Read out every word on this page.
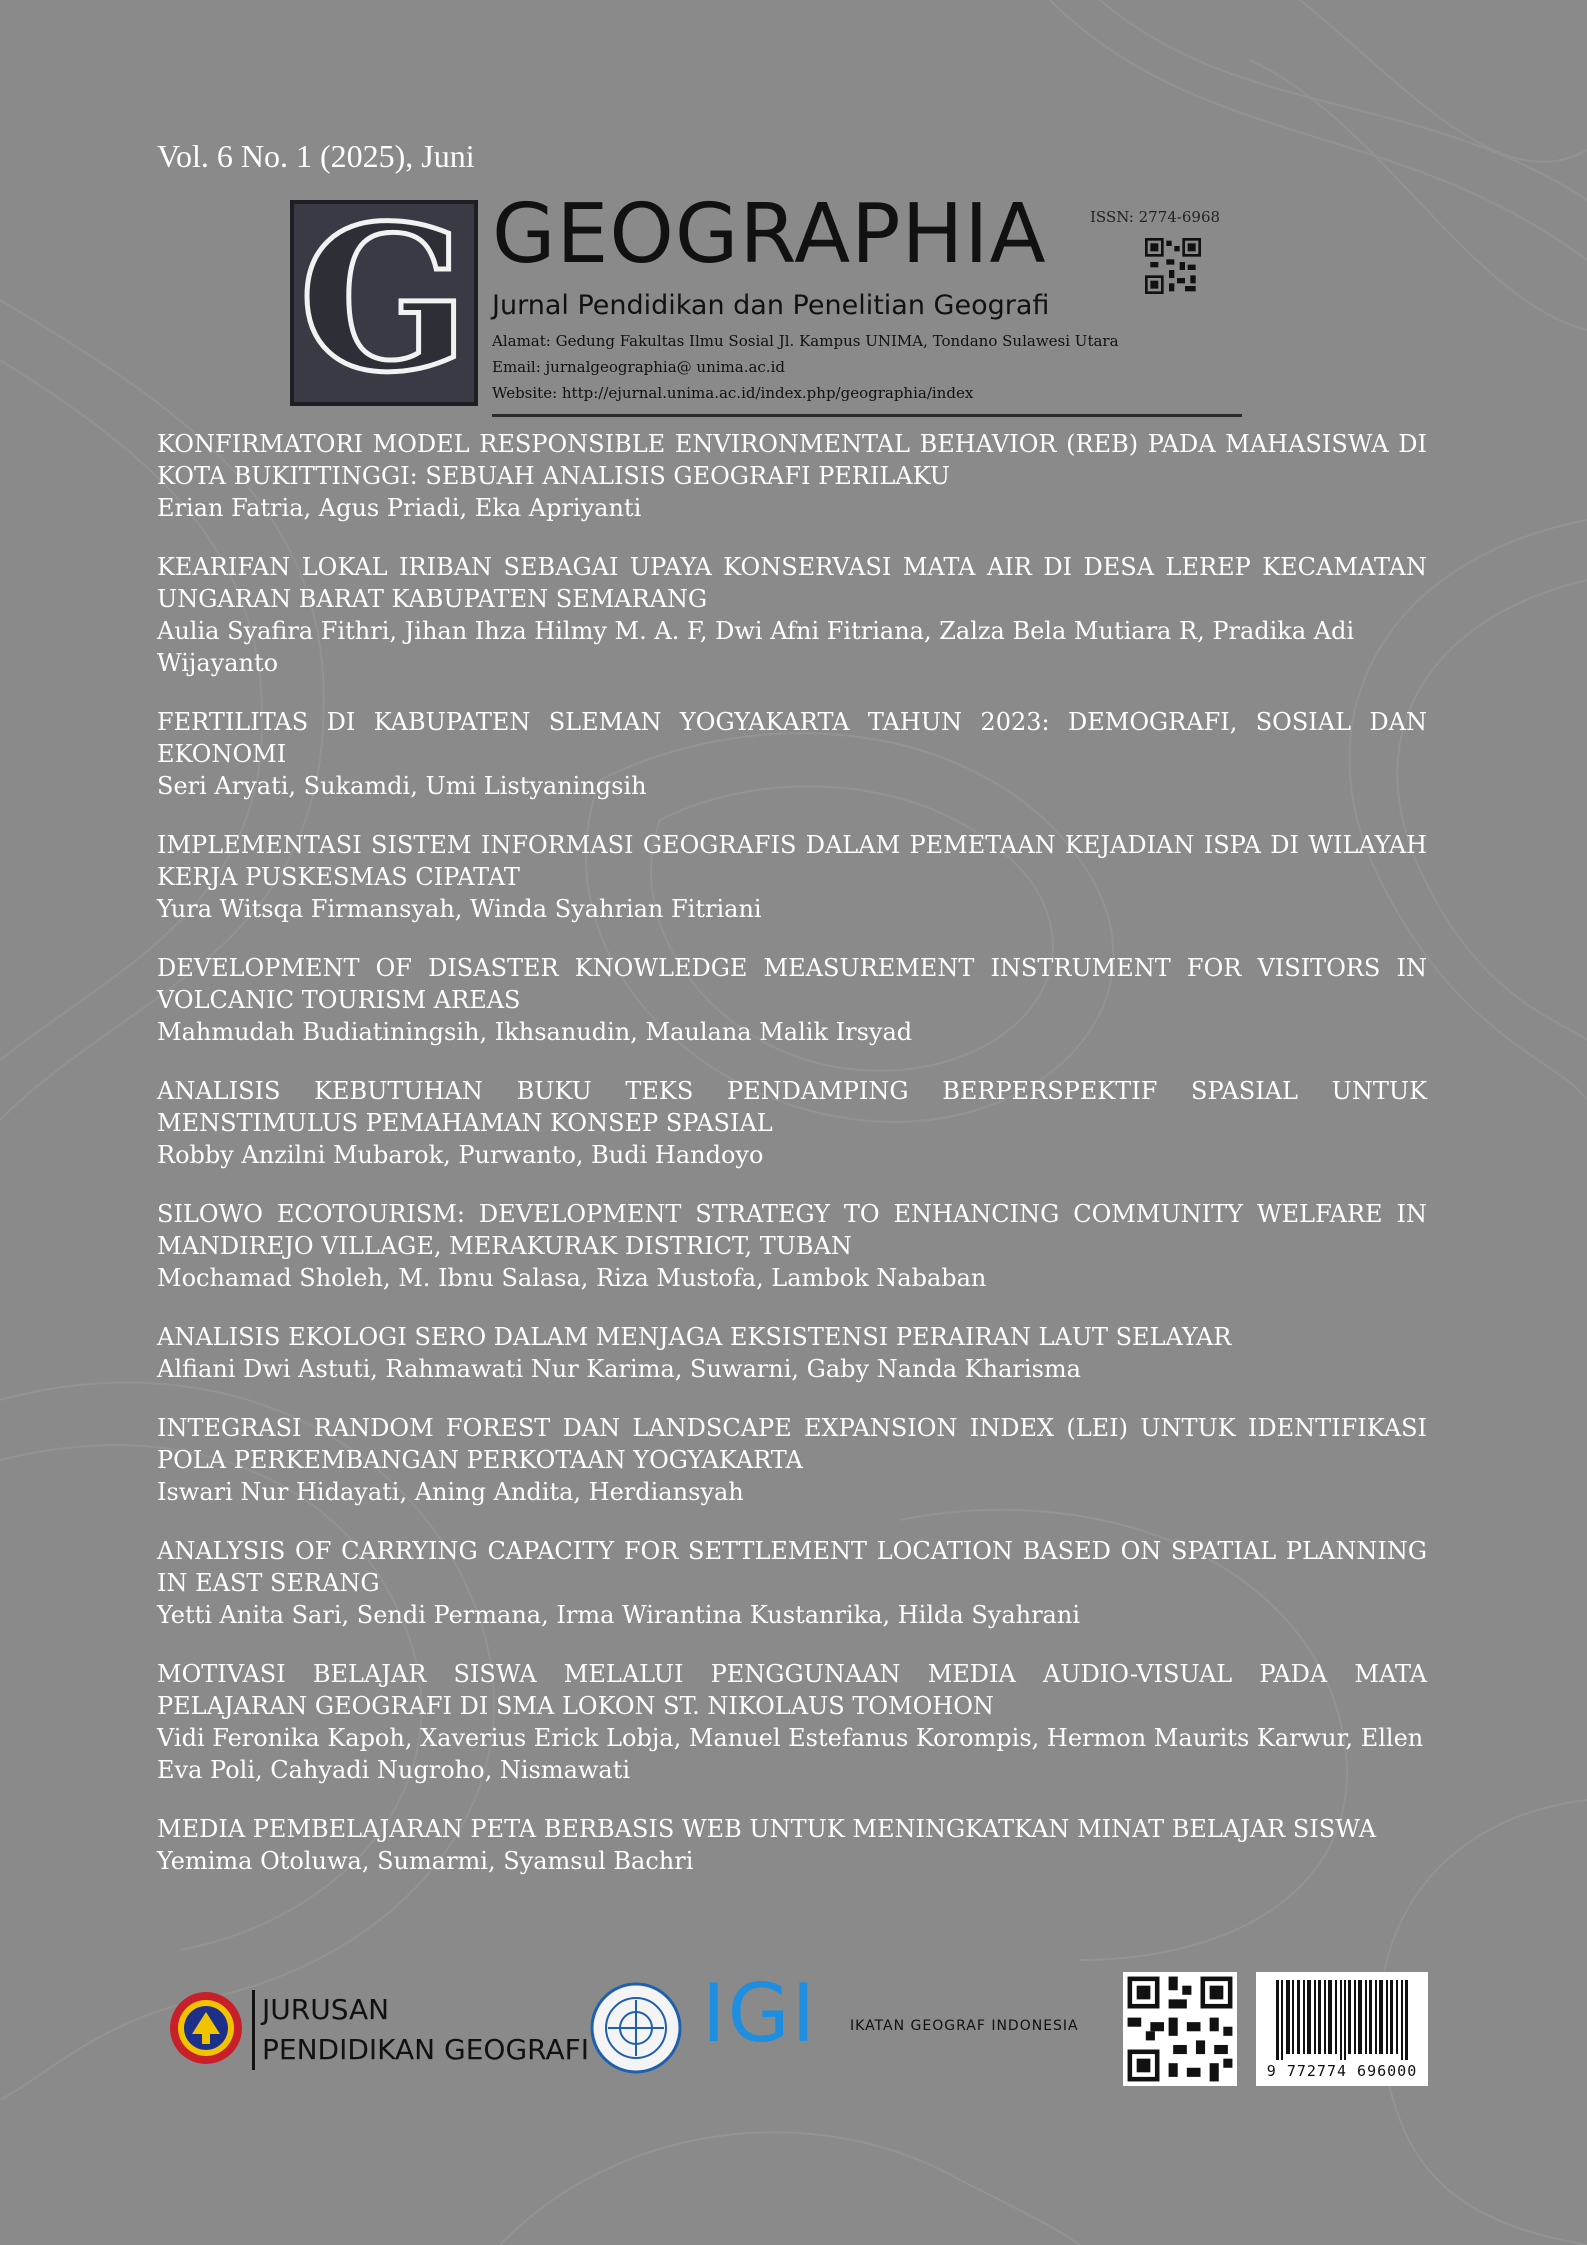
Vol. 6 No. 1 (2025), Juni
G GEOGRAPHIA	ISSN: 2774-6968
Jurnal Pendidikan dan Penelitian Geografi
Alamat: Gedung Fakultas Ilmu Sosial Jl. Kampus UNIMA, Tondano Sulawesi Utara
Email: jurnalgeographia@ unima.ac.id
Website: http://ejurnal.unima.ac.id/index.php/geographia/index
KONFIRMATORI MODEL RESPONSIBLE ENVIRONMENTAL BEHAVIOR (REB) PADA MAHASISWA DI KOTA BUKITTINGGI: SEBUAH ANALISIS GEOGRAFI PERILAKU
Erian Fatria, Agus Priadi, Eka Apriyanti
KEARIFAN LOKAL IRIBAN SEBAGAI UPAYA KONSERVASI MATA AIR DI DESA LEREP KECAMATAN UNGARAN BARAT KABUPATEN SEMARANG
Aulia Syafira Fithri, Jihan Ihza Hilmy M. A. F, Dwi Afni Fitriana, Zalza Bela Mutiara R, Pradika Adi Wijayanto
FERTILITAS DI KABUPATEN SLEMAN YOGYAKARTA TAHUN 2023: DEMOGRAFI, SOSIAL DAN EKONOMI
Seri Aryati, Sukamdi, Umi Listyaningsih
IMPLEMENTASI SISTEM INFORMASI GEOGRAFIS DALAM PEMETAAN KEJADIAN ISPA DI WILAYAH KERJA PUSKESMAS CIPATAT
Yura Witsqa Firmansyah, Winda Syahrian Fitriani
DEVELOPMENT OF DISASTER KNOWLEDGE MEASUREMENT INSTRUMENT FOR VISITORS IN VOLCANIC TOURISM AREAS
Mahmudah Budiatiningsih, Ikhsanudin, Maulana Malik Irsyad
ANALISIS KEBUTUHAN BUKU TEKS PENDAMPING BERPERSPEKTIF SPASIAL UNTUK MENSTIMULUS PEMAHAMAN KONSEP SPASIAL
Robby Anzilni Mubarok, Purwanto, Budi Handoyo
SILOWO ECOTOURISM: DEVELOPMENT STRATEGY TO ENHANCING COMMUNITY WELFARE IN MANDIREJO VILLAGE, MERAKURAK DISTRICT, TUBAN
Mochamad Sholeh, M. Ibnu Salasa, Riza Mustofa, Lambok Nababan
ANALISIS EKOLOGI SERO DALAM MENJAGA EKSISTENSI PERAIRAN LAUT SELAYAR
Alfiani Dwi Astuti, Rahmawati Nur Karima, Suwarni, Gaby Nanda Kharisma
INTEGRASI RANDOM FOREST DAN LANDSCAPE EXPANSION INDEX (LEI) UNTUK IDENTIFIKASI POLA PERKEMBANGAN PERKOTAAN YOGYAKARTA
Iswari Nur Hidayati, Aning Andita, Herdiansyah
ANALYSIS OF CARRYING CAPACITY FOR SETTLEMENT LOCATION BASED ON SPATIAL PLANNING IN EAST SERANG
Yetti Anita Sari, Sendi Permana, Irma Wirantina Kustanrika, Hilda Syahrani
MOTIVASI BELAJAR SISWA MELALUI PENGGUNAAN MEDIA AUDIO-VISUAL PADA MATA PELAJARAN GEOGRAFI DI SMA LOKON ST. NIKOLAUS TOMOHON
Vidi Feronika Kapoh, Xaverius Erick Lobja, Manuel Estefanus Korompis, Hermon Maurits Karwur, Ellen Eva Poli, Cahyadi Nugroho, Nismawati
MEDIA PEMBELAJARAN PETA BERBASIS WEB UNTUK MENINGKATKAN MINAT BELAJAR SISWA
Yemima Otoluwa, Sumarmi, Syamsul Bachri
JURUSAN
PENDIDIKAN GEOGRAFI IGI IKATAN GEOGRAF INDONESIA
9 772774 696000
